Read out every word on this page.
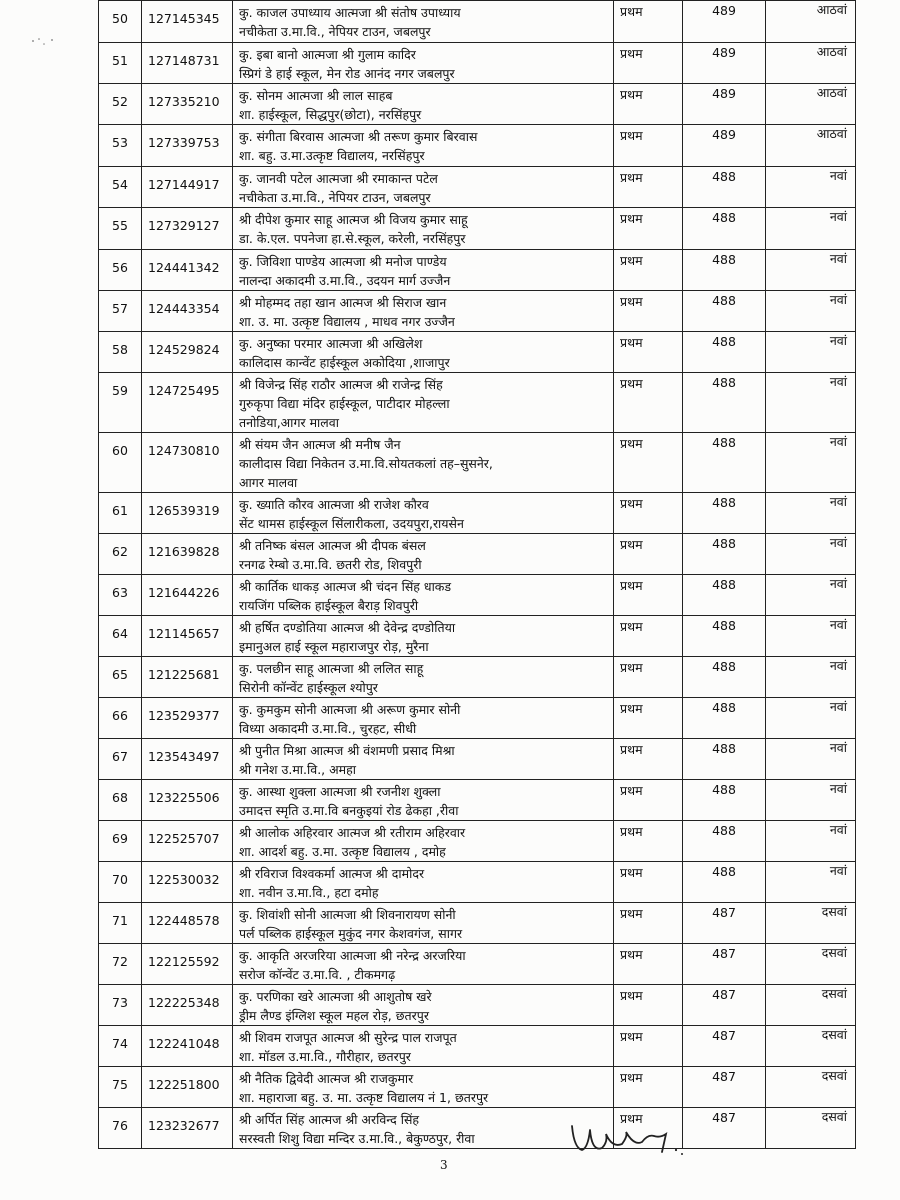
50	127145345	कु. काजल उपाध्याय आत्मजा श्री संतोष उपाध्याय
नचीकेता उ.मा.वि., नेपियर टाउन, जबलपुर	प्रथम	489	आठवां
51	127148731	कु. इबा बानो आत्मजा श्री गुलाम कादिर
स्प्रिगं डे हाई स्कूल, मेन रोड आनंद नगर जबलपुर	प्रथम	489	आठवां
52	127335210	कु. सोनम आत्मजा श्री लाल साहब
शा. हाईस्कूल, सिद्धपुर(छोटा), नरसिंहपुर	प्रथम	489	आठवां
53	127339753	कु. संगीता बिरवास आत्मजा श्री तरूण कुमार बिरवास
शा. बहु. उ.मा.उत्कृष्ट विद्यालय, नरसिंहपुर	प्रथम	489	आठवां
54	127144917	कु. जानवी पटेल आत्मजा श्री रमाकान्त पटेल
नचीकेता उ.मा.वि., नेपियर टाउन, जबलपुर	प्रथम	488	नवां
55	127329127	श्री दीपेश कुमार साहू आत्मज श्री विजय कुमार साहू
डा. के.एल. पपनेजा हा.से.स्कूल, करेली, नरसिंहपुर	प्रथम	488	नवां
56	124441342	कु. जिविशा पाण्डेय आत्मजा श्री मनोज पाण्डेय
नालन्दा अकादमी उ.मा.वि., उदयन मार्ग उज्जैन	प्रथम	488	नवां
57	124443354	श्री मोहम्मद तहा खान आत्मज श्री सिराज खान
शा. उ. मा. उत्कृष्ट विद्यालय , माधव नगर उज्जैन	प्रथम	488	नवां
58	124529824	कु. अनुष्का परमार आत्मजा श्री अखिलेश
कालिदास कान्वेंट हाईस्कूल अकोदिया ,शाजापुर	प्रथम	488	नवां
59	124725495	श्री विजेन्द्र सिंह राठौर आत्मज श्री राजेन्द्र सिंह
गुरुकृपा विद्या मंदिर हाईस्कूल, पाटीदार मोहल्ला
तनोडिया,आगर मालवा	प्रथम	488	नवां
60	124730810	श्री संयम जैन आत्मज श्री मनीष जैन
कालीदास विद्या निकेतन उ.मा.वि.सोयतकलां तह–सुसनेर,
आगर मालवा	प्रथम	488	नवां
61	126539319	कु. ख्याति कौरव आत्मजा श्री राजेश कौरव
सेंट थामस हाईस्कूल सिंलारीकला, उदयपुरा,रायसेन	प्रथम	488	नवां
62	121639828	श्री तनिष्क बंसल आत्मज श्री दीपक बंसल
रनगढ रेम्बो उ.मा.वि. छतरी रोड, शिवपुरी	प्रथम	488	नवां
63	121644226	श्री कार्तिक धाकड़ आत्मज श्री चंदन सिंह धाकड
रायजिंग पब्लिक हाईस्कूल बैराड़ शिवपुरी	प्रथम	488	नवां
64	121145657	श्री हर्षित दण्डोतिया आत्मज श्री देवेन्द्र दण्डोतिया
इमानुअल हाई स्कूल महाराजपुर रोड़, मुरैना	प्रथम	488	नवां
65	121225681	कु. पलछीन साहू आत्मजा श्री ललित साहू
सिरोनी कॉन्वेंट हाईस्कूल श्योपुर	प्रथम	488	नवां
66	123529377	कु. कुमकुम सोनी आत्मजा श्री अरूण कुमार सोनी
विध्या अकादमी उ.मा.वि., चुरहट, सीधी	प्रथम	488	नवां
67	123543497	श्री पुनीत मिश्रा आत्मज श्री वंशमणी प्रसाद मिश्रा
श्री गनेश उ.मा.वि., अमहा	प्रथम	488	नवां
68	123225506	कु. आस्था शुक्ला आत्मजा श्री रजनीश शुक्ला
उमादत्त स्मृति उ.मा.वि बनकुइयां रोड ढेकहा ,रीवा	प्रथम	488	नवां
69	122525707	श्री आलोक अहिरवार आत्मज श्री रतीराम अहिरवार
शा. आदर्श बहु. उ.मा. उत्कृष्ट विद्यालय , दमोह	प्रथम	488	नवां
70	122530032	श्री रविराज विश्वकर्मा आत्मज श्री दामोदर
शा. नवीन उ.मा.वि., हटा दमोह	प्रथम	488	नवां
71	122448578	कु. शिवांशी सोनी आत्मजा श्री शिवनारायण सोनी
पर्ल पब्लिक हाईस्कूल मुकुंद नगर केशवगंज, सागर	प्रथम	487	दसवां
72	122125592	कु. आकृति अरजरिया आत्मजा श्री नरेन्द्र अरजरिया
सरोज कॉन्वेंट उ.मा.वि. , टीकमगढ़	प्रथम	487	दसवां
73	122225348	कु. परणिका खरे आत्मजा श्री आशुतोष खरे
ड्रीम लैण्ड इंग्लिश स्कूल महल रोड़, छतरपुर	प्रथम	487	दसवां
74	122241048	श्री शिवम राजपूत आत्मज श्री सुरेन्द्र पाल राजपूत
शा. मॉडल उ.मा.वि., गौरीहार, छतरपुर	प्रथम	487	दसवां
75	122251800	श्री नैतिक द्विवेदी आत्मज श्री राजकुमार
शा. महाराजा बहु. उ. मा. उत्कृष्ट विद्यालय नं 1, छतरपुर	प्रथम	487	दसवां
76	123232677	श्री अर्पित सिंह आत्मज श्री अरविन्द सिंह
सरस्वती शिशु विद्या मन्दिर उ.मा.वि., बेकुण्ठपुर, रीवा	प्रथम	487	दसवां
3
